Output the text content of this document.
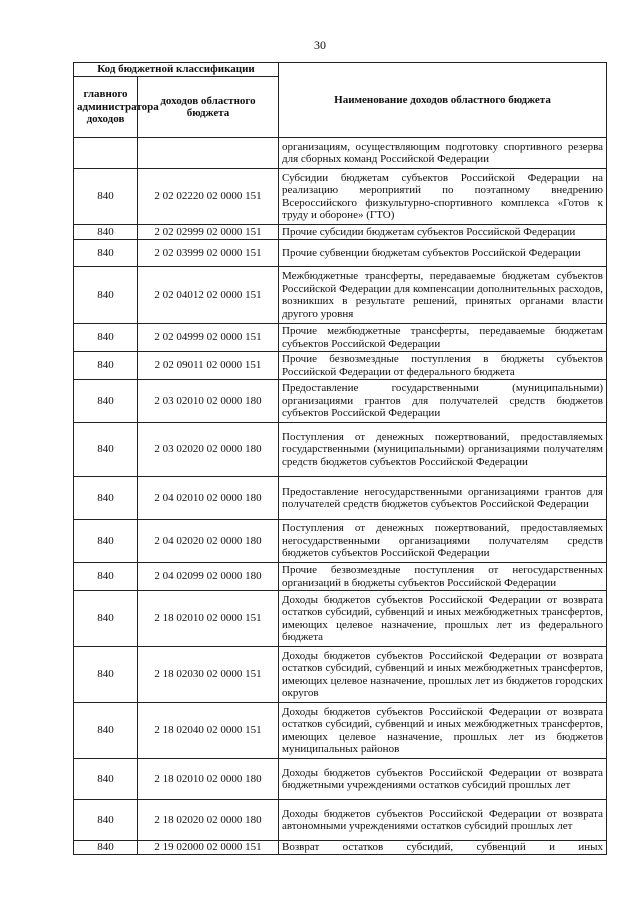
30
Код бюджетной классификации		Наименование доходов областного бюджета
главного администратора доходов	доходов областного бюджета	
		организациям, осуществляющим подготовку спортивного резерва для сборных команд Российской Федерации
840	2 02 02220 02 0000 151	Субсидии бюджетам субъектов Российской Федерации на реализацию мероприятий по поэтапному внедрению Всероссийского физкультурно-спортивного комплекса «Готов к труду и обороне» (ГТО)
840	2 02 02999 02 0000 151	Прочие субсидии бюджетам субъектов Российской Федерации
840	2 02 03999 02 0000 151	Прочие субвенции бюджетам субъектов Российской Федерации
840	2 02 04012 02 0000 151	Межбюджетные трансферты, передаваемые бюджетам субъектов Российской Федерации для компенсации дополнительных расходов, возникших в результате решений, принятых органами власти другого уровня
840	2 02 04999 02 0000 151	Прочие межбюджетные трансферты, передаваемые бюджетам субъектов Российской Федерации
840	2 02 09011 02 0000 151	Прочие безвозмездные поступления в бюджеты субъектов Российской Федерации от федерального бюджета
840	2 03 02010 02 0000 180	Предоставление государственными (муниципальными) организациями грантов для получателей средств бюджетов субъектов Российской Федерации
840	2 03 02020 02 0000 180	Поступления от денежных пожертвований, предоставляемых государственными (муниципальными) организациями получателям средств бюджетов субъектов Российской Федерации
840	2 04 02010 02 0000 180	Предоставление негосударственными организациями грантов для получателей средств бюджетов субъектов Российской Федерации
840	2 04 02020 02 0000 180	Поступления от денежных пожертвований, предоставляемых негосударственными организациями получателям средств бюджетов субъектов Российской Федерации
840	2 04 02099 02 0000 180	Прочие безвозмездные поступления от негосударственных организаций в бюджеты субъектов Российской Федерации
840	2 18 02010 02 0000 151	Доходы бюджетов субъектов Российской Федерации от возврата остатков субсидий, субвенций и иных межбюджетных трансфертов, имеющих целевое назначение, прошлых лет из федерального бюджета
840	2 18 02030 02 0000 151	Доходы бюджетов субъектов Российской Федерации от возврата остатков субсидий, субвенций и иных межбюджетных трансфертов, имеющих целевое назначение, прошлых лет из бюджетов городских округов
840	2 18 02040 02 0000 151	Доходы бюджетов субъектов Российской Федерации от возврата остатков субсидий, субвенций и иных межбюджетных трансфертов, имеющих целевое назначение, прошлых лет из бюджетов муниципальных районов
840	2 18 02010 02 0000 180	Доходы бюджетов субъектов Российской Федерации от возврата бюджетными учреждениями остатков субсидий прошлых лет
840	2 18 02020 02 0000 180	Доходы бюджетов субъектов Российской Федерации от возврата автономными учреждениями остатков субсидий прошлых лет
840	2 19 02000 02 0000 151	Возврат остатков субсидий, субвенций и иных
